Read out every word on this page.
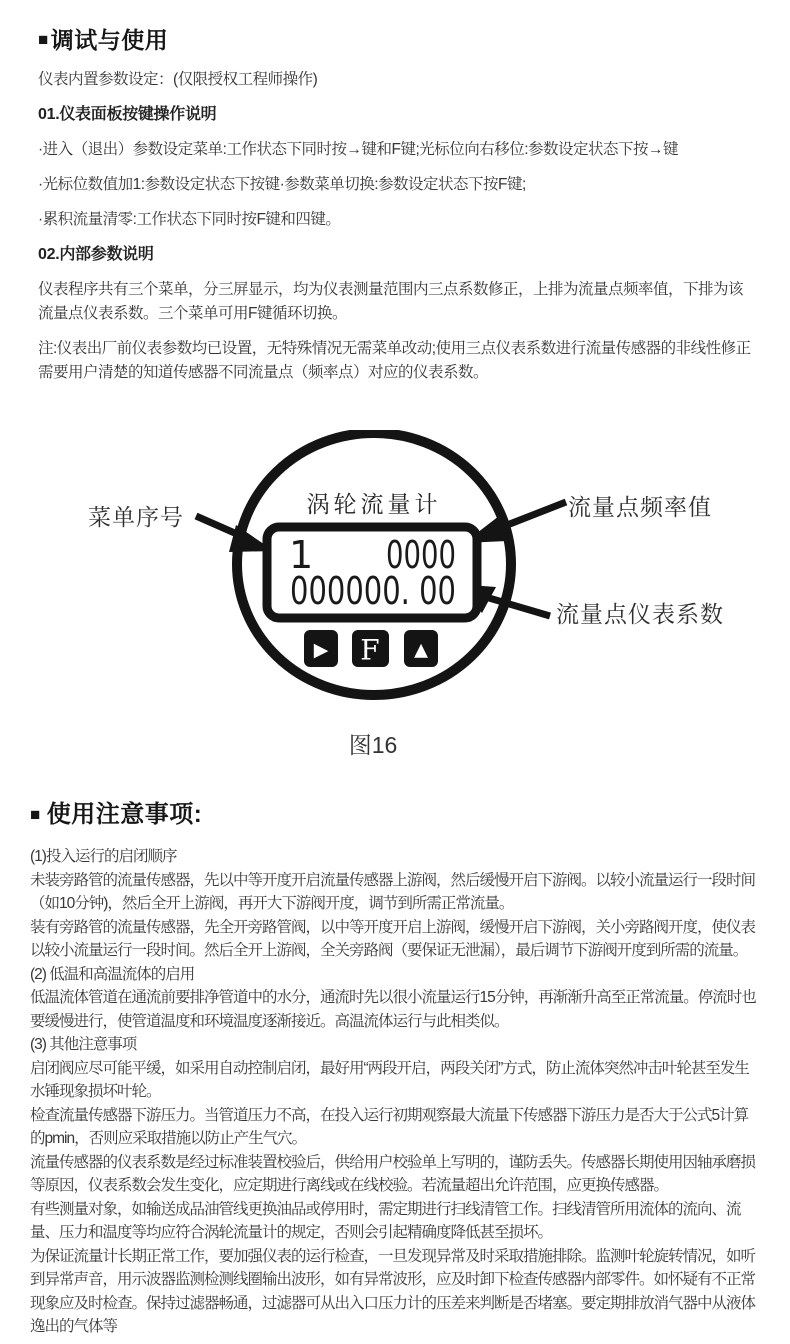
■ 调试与使用

仪表内置参数设定：(仅限授权工程师操作)

01.仪表面板按键操作说明

·进入（退出）参数设定菜单:工作状态下同时按→键和F键;光标位向右移位:参数设定状态下按→键

·光标位数值加1:参数设定状态下按键·参数菜单切换:参数设定状态下按F键;

·累积流量清零:工作状态下同时按F键和四键。

02.内部参数说明

仪表程序共有三个菜单，分三屏显示，均为仪表测量范围内三点系数修正，上排为流量点频率值，下排为该流量点仪表系数。三个菜单可用F键循环切换。

注:仪表出厂前仪表参数均已设置，无特殊情况无需菜单改动;使用三点仪表系数进行流量传感器的非线性修正需要用户清楚的知道传感器不同流量点（频率点）对应的仪表系数。

涡轮流量计
1 0000
000000. 00
▶ F ▲
菜单序号	流量点频率值
流量点仪表系数
图16
■ 使用注意事项:

(1)投入运行的启闭顺序

未装旁路管的流量传感器，先以中等开度开启流量传感器上游阀，然后缓慢开启下游阀。以较小流量运行一段时间（如10分钟)，然后全开上游阀，再开大下游阀开度，调节到所需正常流量。

装有旁路管的流量传感器，先全开旁路管阀，以中等开度开启上游阀，缓慢开启下游阀，关小旁路阀开度，使仪表以较小流量运行一段时间。然后全开上游阀，全关旁路阀（要保证无泄漏），最后调节下游阀开度到所需的流量。

(2) 低温和高温流体的启用

低温流体管道在通流前要排净管道中的水分，通流时先以很小流量运行15分钟，再渐渐升高至正常流量。停流时也要缓慢进行，使管道温度和环境温度逐渐接近。高温流体运行与此相类似。

(3) 其他注意事项

启闭阀应尽可能平缓，如采用自动控制启闭，最好用“两段开启，两段关闭”方式，防止流体突然冲击叶轮甚至发生水锤现象损坏叶轮。

检查流量传感器下游压力。当管道压力不高，在投入运行初期观察最大流量下传感器下游压力是否大于公式5计算的pmin，否则应采取措施以防止产生气穴。

流量传感器的仪表系数是经过标准装置校验后，供给用户校验单上写明的，谨防丢失。传感器长期使用因轴承磨损等原因，仪表系数会发生变化，应定期进行离线或在线校验。若流量超出允许范围，应更换传感器。

有些测量对象，如输送成品油管线更换油品或停用时，需定期进行扫线清管工作。扫线清管所用流体的流向、流量、压力和温度等均应符合涡轮流量计的规定，否则会引起精确度降低甚至损坏。

为保证流量计长期正常工作，要加强仪表的运行检查，一旦发现异常及时采取措施排除。监测叶轮旋转情况，如听到异常声音，用示波器监测检测线圈输出波形，如有异常波形，应及时卸下检查传感器内部零件。如怀疑有不正常现象应及时检查。保持过滤器畅通，过滤器可从出入口压力计的压差来判断是否堵塞。要定期排放消气器中从液体逸出的气体等
